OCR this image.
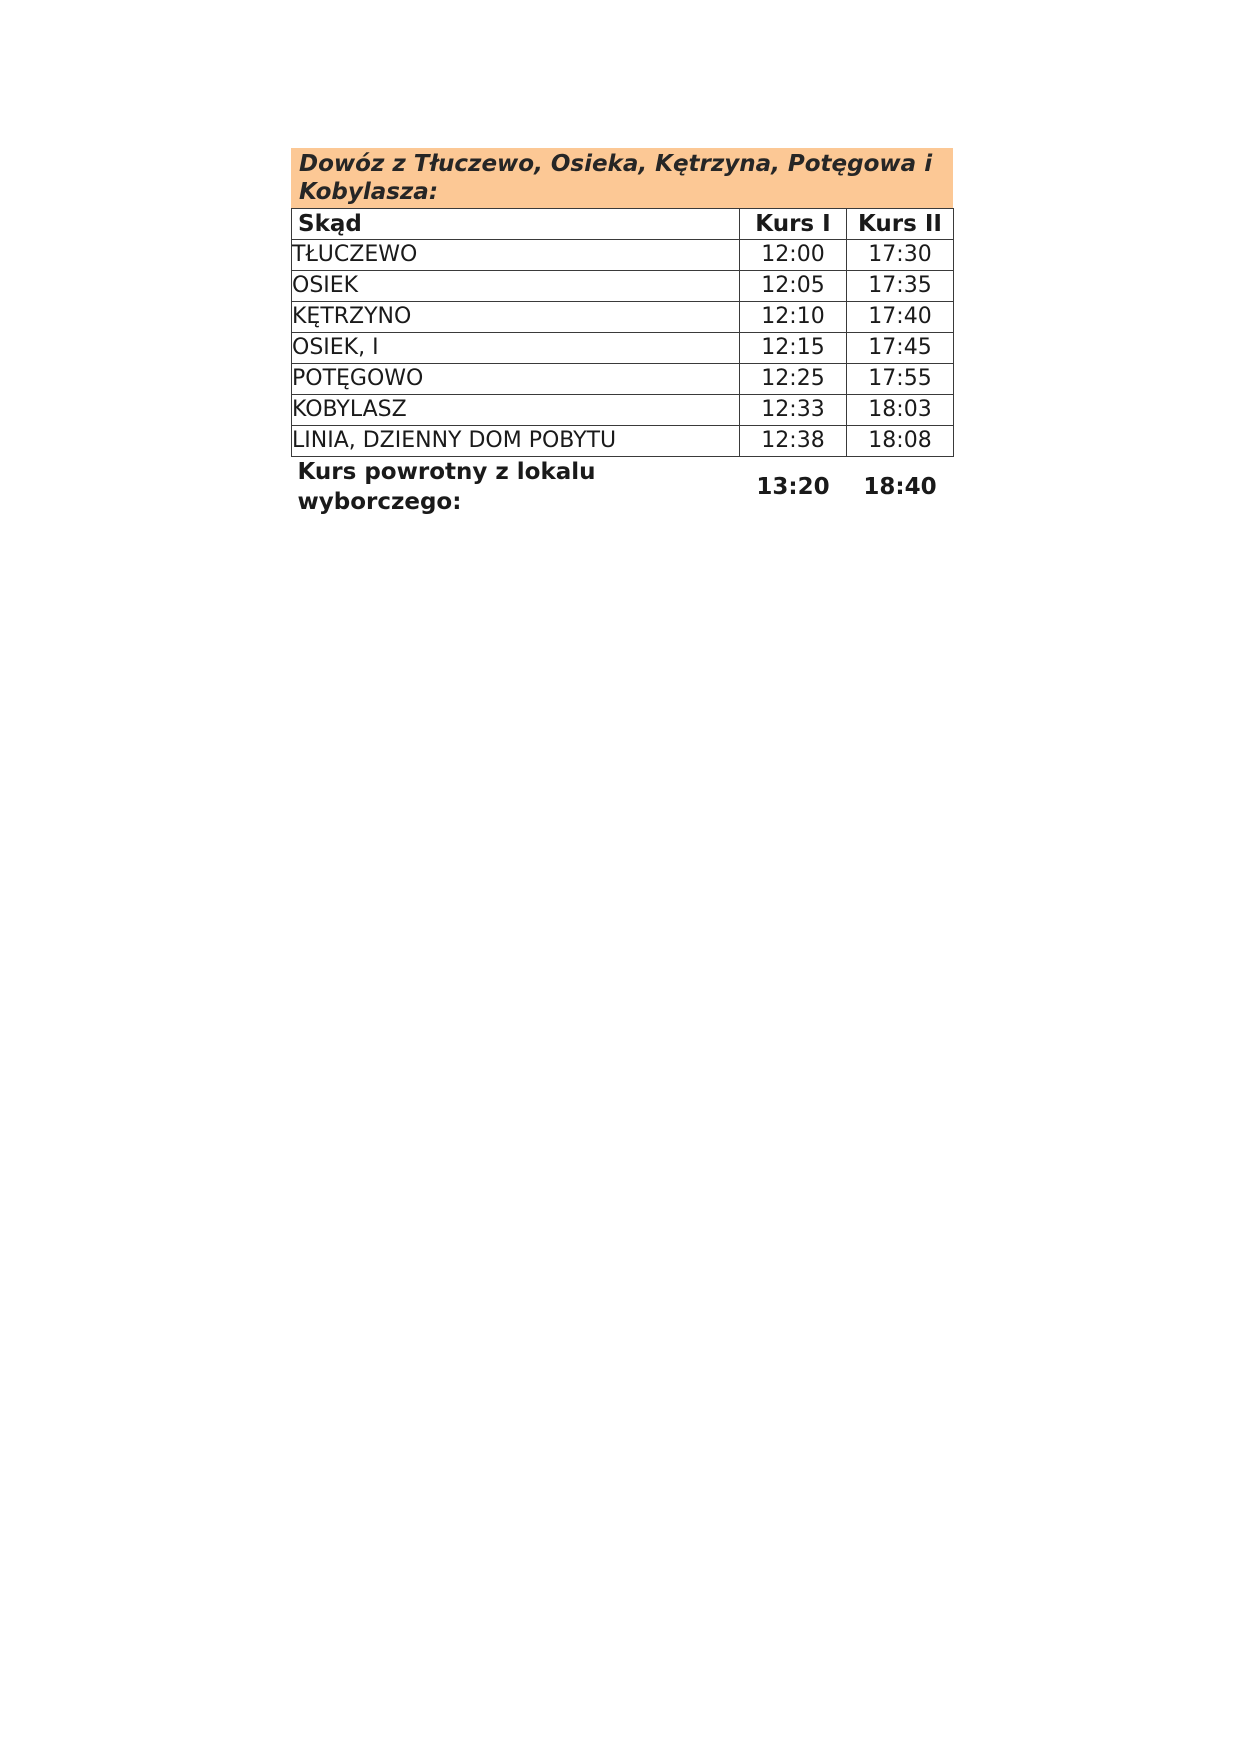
Dowóz z Tłuczewo, Osieka, Kętrzyna, Potęgowa i Kobylasza:
Skąd	Kurs I	Kurs II
TŁUCZEWO	12:00	17:30
OSIEK	12:05	17:35
KĘTRZYNO	12:10	17:40
OSIEK, I	12:15	17:45
POTĘGOWO	12:25	17:55
KOBYLASZ	12:33	18:03
LINIA, DZIENNY DOM POBYTU	12:38	18:08
Kurs powrotny z lokalu wyborczego:	13:20	18:40
